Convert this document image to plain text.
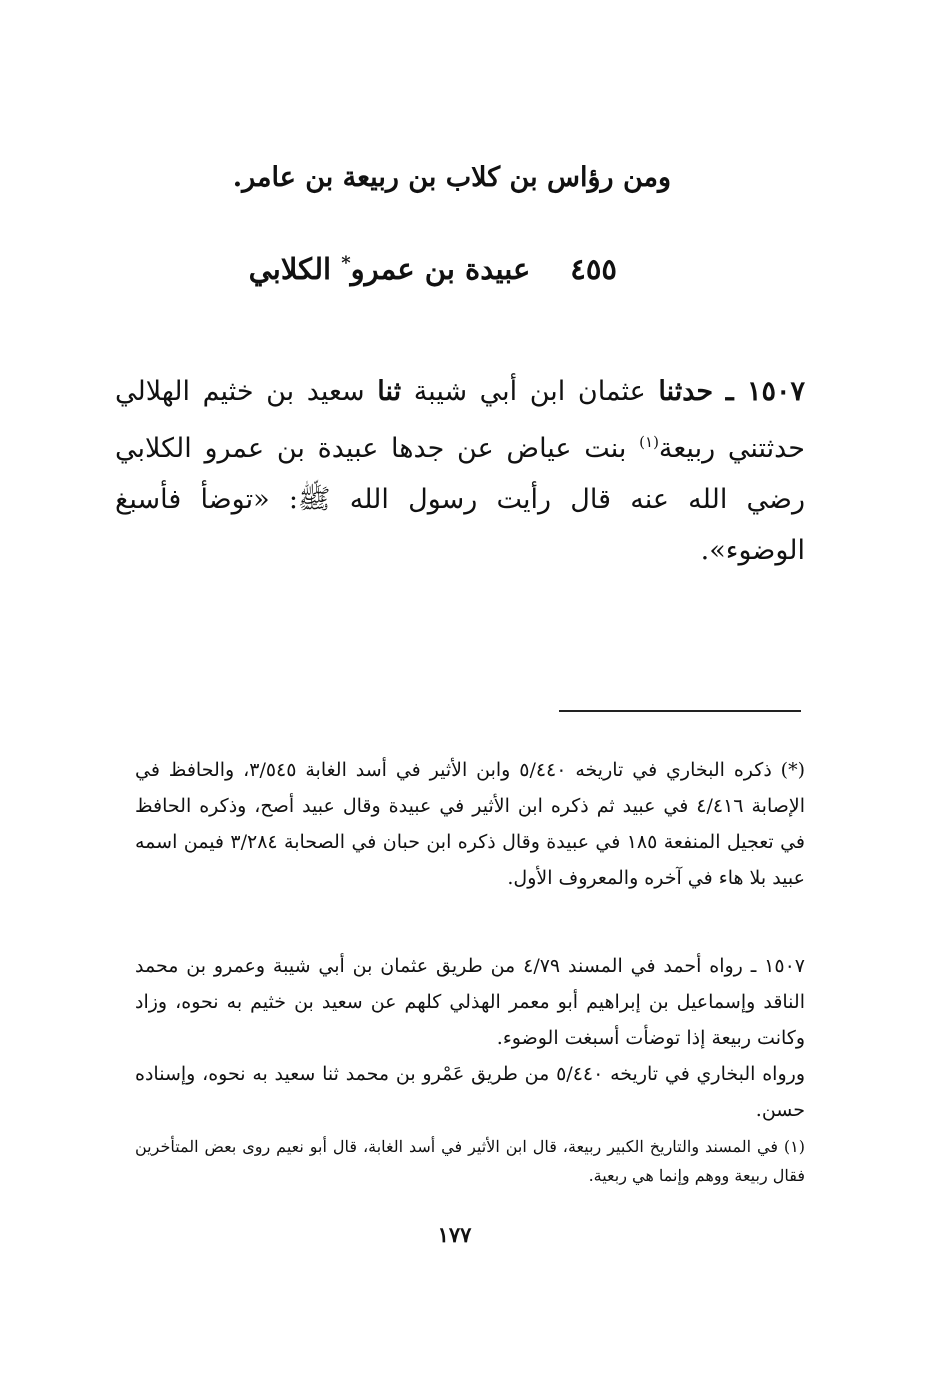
ومن رؤاس بن كلاب بن ربيعة بن عامر.
٤٥٥عبيدة بن عمرو* الكلابي
١٥٠٧ ـ حدثنا عثمان ابن أبي شيبة ثنا سعيد بن خثيم الهلالي حدثتني ربيعة$^{(١)}$ بنت عياض عن جدها عبيدة بن عمرو الكلابي رضي الله عنه قال رأيت رسول الله ﷺ: «توضأ فأسبغ الوضوء».

(*) ذكره البخاري في تاريخه ٥/٤٤٠ وابن الأثير في أسد الغابة ٣/٥٤٥، والحافظ في الإصابة ٤/٤١٦ في عبيد ثم ذكره ابن الأثير في عبيدة وقال عبيد أصح، وذكره الحافظ في تعجيل المنفعة ١٨٥ في عبيدة وقال ذكره ابن حبان في الصحابة ٣/٢٨٤ فيمن اسمه عبيد بلا هاء في آخره والمعروف الأول.

١٥٠٧ ـ رواه أحمد في المسند ٤/٧٩ من طريق عثمان بن أبي شيبة وعمرو بن محمد الناقد وإسماعيل بن إبراهيم أبو معمر الهذلي كلهم عن سعيد بن خثيم به نحوه، وزاد وكانت ربيعة إذا توضأت أسبغت الوضوء.

ورواه البخاري في تاريخه ٥/٤٤٠ من طريق عَمْرو بن محمد ثنا سعيد به نحوه، وإسناده حسن.

(١) في المسند والتاريخ الكبير ربيعة، قال ابن الأثير في أسد الغابة، قال أبو نعيم روى بعض المتأخرين فقال ربيعة ووهم وإنما هي ربعية.

١٧٧
